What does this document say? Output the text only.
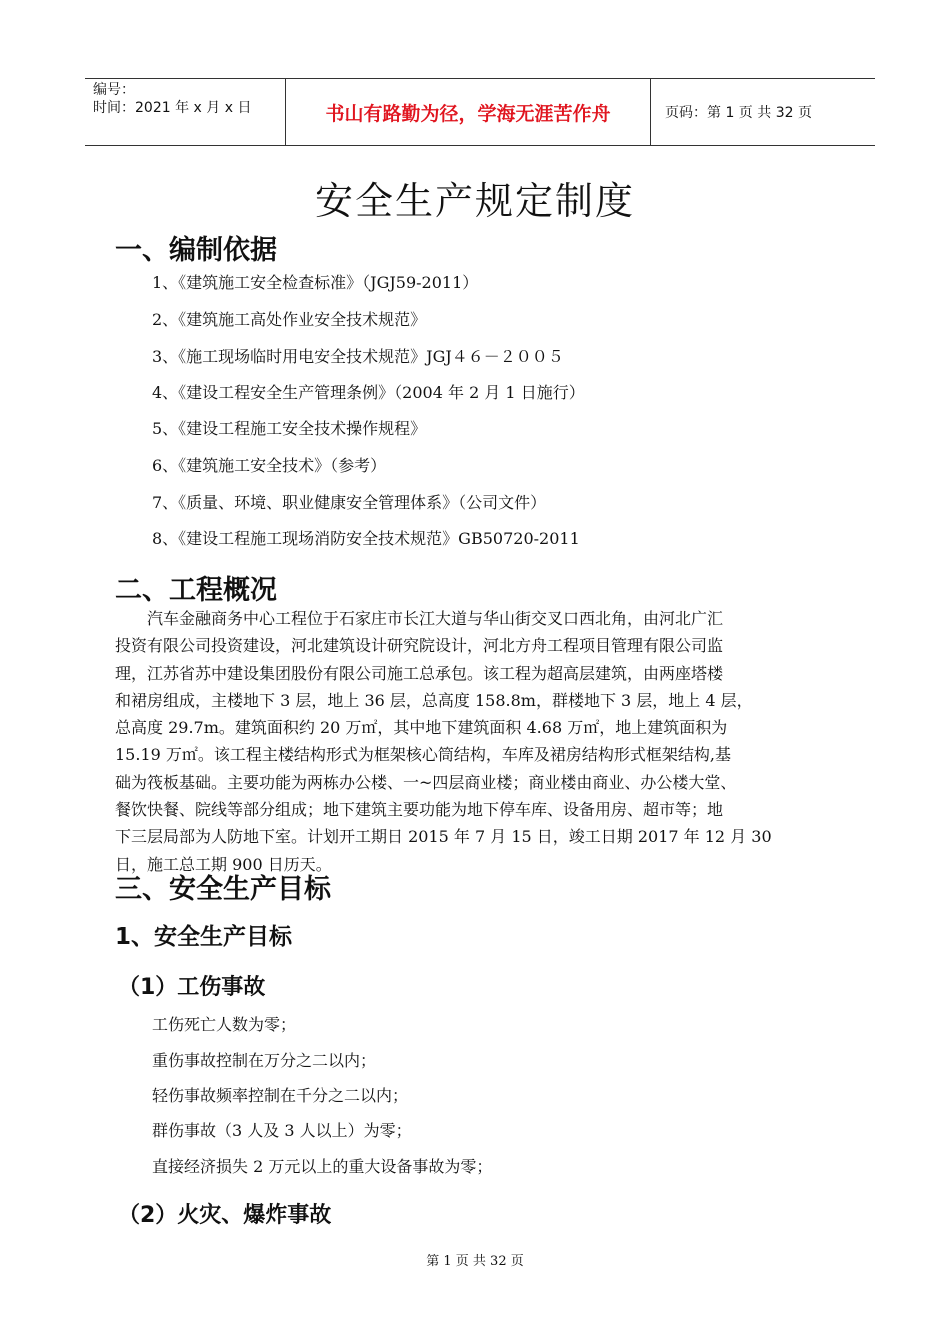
编号：
时间：2021 年 x 月 x 日	书山有路勤为径，学海无涯苦作舟	页码：第 1 页 共 32 页
安全生产规定制度
一、编制依据
1、《建筑施工安全检查标准》（JGJ59-2011）
2、《建筑施工高处作业安全技术规范》
3、《施工现场临时用电安全技术规范》JGJ４６－２００５
4、《建设工程安全生产管理条例》（2004 年 2 月 1 日施行）
5、《建设工程施工安全技术操作规程》
6、《建筑施工安全技术》（参考）
7、《质量、环境、职业健康安全管理体系》（公司文件）
8、《建设工程施工现场消防安全技术规范》GB50720-2011
二、工程概况
　　汽车金融商务中心工程位于石家庄市长江大道与华山街交叉口西北角，由河北广汇
投资有限公司投资建设，河北建筑设计研究院设计，河北方舟工程项目管理有限公司监
理，江苏省苏中建设集团股份有限公司施工总承包。该工程为超高层建筑，由两座塔楼
和裙房组成，主楼地下 3 层，地上 36 层，总高度 158.8m，群楼地下 3 层，地上 4 层，
总高度 29.7m。建筑面积约 20 万㎡，其中地下建筑面积 4.68 万㎡，地上建筑面积为
15.19 万㎡。该工程主楼结构形式为框架核心筒结构，车库及裙房结构形式框架结构,基
础为筏板基础。主要功能为两栋办公楼、一~四层商业楼；商业楼由商业、办公楼大堂、
餐饮快餐、院线等部分组成；地下建筑主要功能为地下停车库、设备用房、超市等；地
下三层局部为人防地下室。计划开工期日 2015 年 7 月 15 日，竣工日期 2017 年 12 月 30
日，施工总工期 900 日历天。
三、安全生产目标
1、安全生产目标
（1）工伤事故
工伤死亡人数为零；
重伤事故控制在万分之二以内；
轻伤事故频率控制在千分之二以内；
群伤事故（3 人及 3 人以上）为零；
直接经济损失 2 万元以上的重大设备事故为零；
（2）火灾、爆炸事故
第 1 页 共 32 页
